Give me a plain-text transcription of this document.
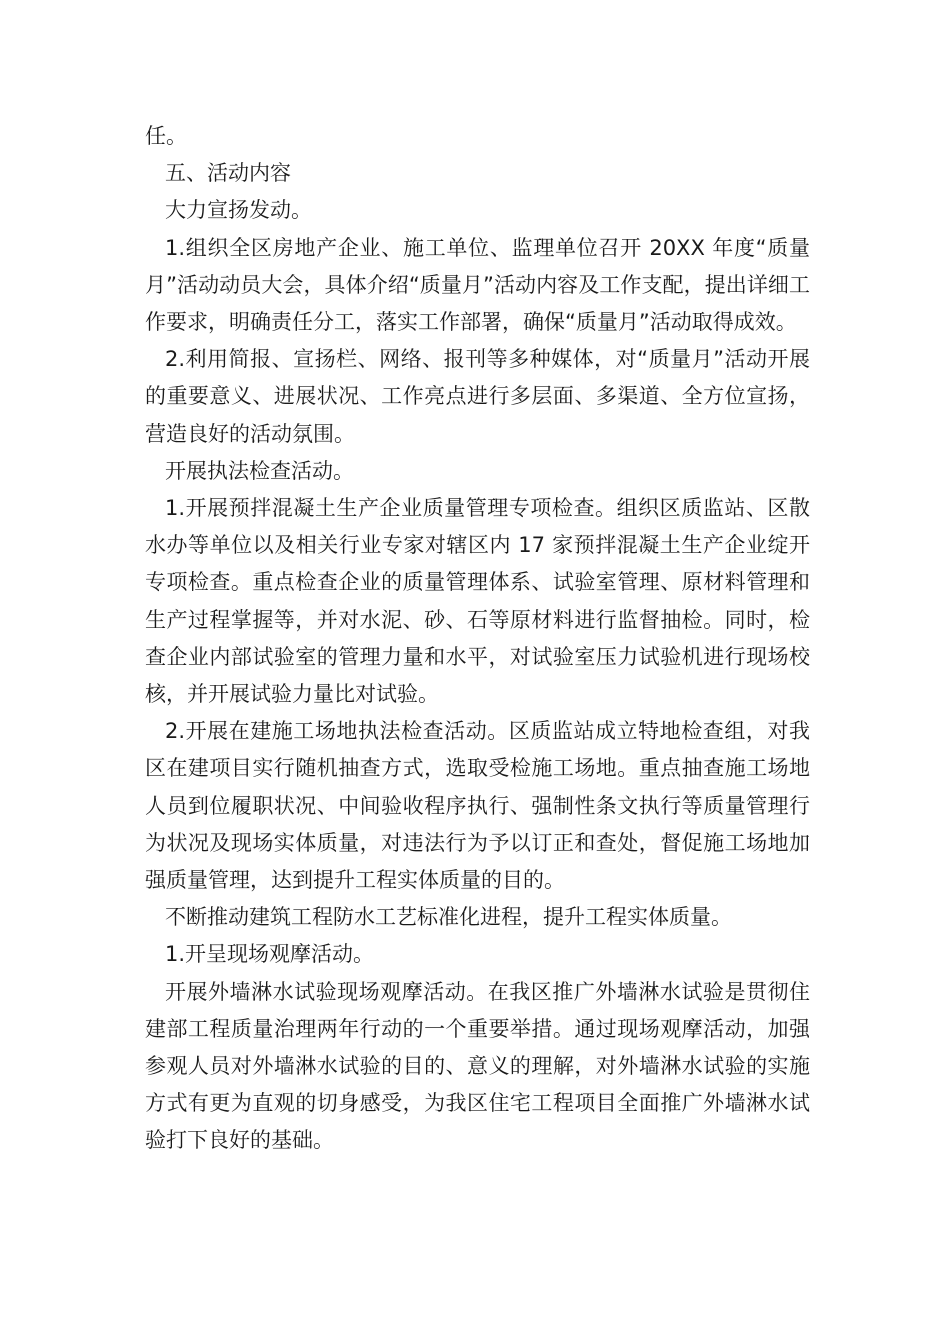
任。

五、活动内容

大力宣扬发动。

1.组织全区房地产企业、施工单位、监理单位召开 20XX 年度“质量月”活动动员大会，具体介绍“质量月”活动内容及工作支配，提出详细工作要求，明确责任分工，落实工作部署，确保“质量月”活动取得成效。

2.利用简报、宣扬栏、网络、报刊等多种媒体，对“质量月”活动开展的重要意义、进展状况、工作亮点进行多层面、多渠道、全方位宣扬，营造良好的活动氛围。

开展执法检查活动。

1.开展预拌混凝土生产企业质量管理专项检查。组织区质监站、区散水办等单位以及相关行业专家对辖区内 17 家预拌混凝土生产企业绽开专项检查。重点检查企业的质量管理体系、试验室管理、原材料管理和生产过程掌握等，并对水泥、砂、石等原材料进行监督抽检。同时，检查企业内部试验室的管理力量和水平，对试验室压力试验机进行现场校核，并开展试验力量比对试验。

2.开展在建施工场地执法检查活动。区质监站成立特地检查组，对我区在建项目实行随机抽查方式，选取受检施工场地。重点抽查施工场地人员到位履职状况、中间验收程序执行、强制性条文执行等质量管理行为状况及现场实体质量，对违法行为予以订正和查处，督促施工场地加强质量管理，达到提升工程实体质量的目的。

不断推动建筑工程防水工艺标准化进程，提升工程实体质量。

1.开呈现场观摩活动。

开展外墙淋水试验现场观摩活动。在我区推广外墙淋水试验是贯彻住建部工程质量治理两年行动的一个重要举措。通过现场观摩活动，加强参观人员对外墙淋水试验的目的、意义的理解，对外墙淋水试验的实施方式有更为直观的切身感受，为我区住宅工程项目全面推广外墙淋水试验打下良好的基础。
